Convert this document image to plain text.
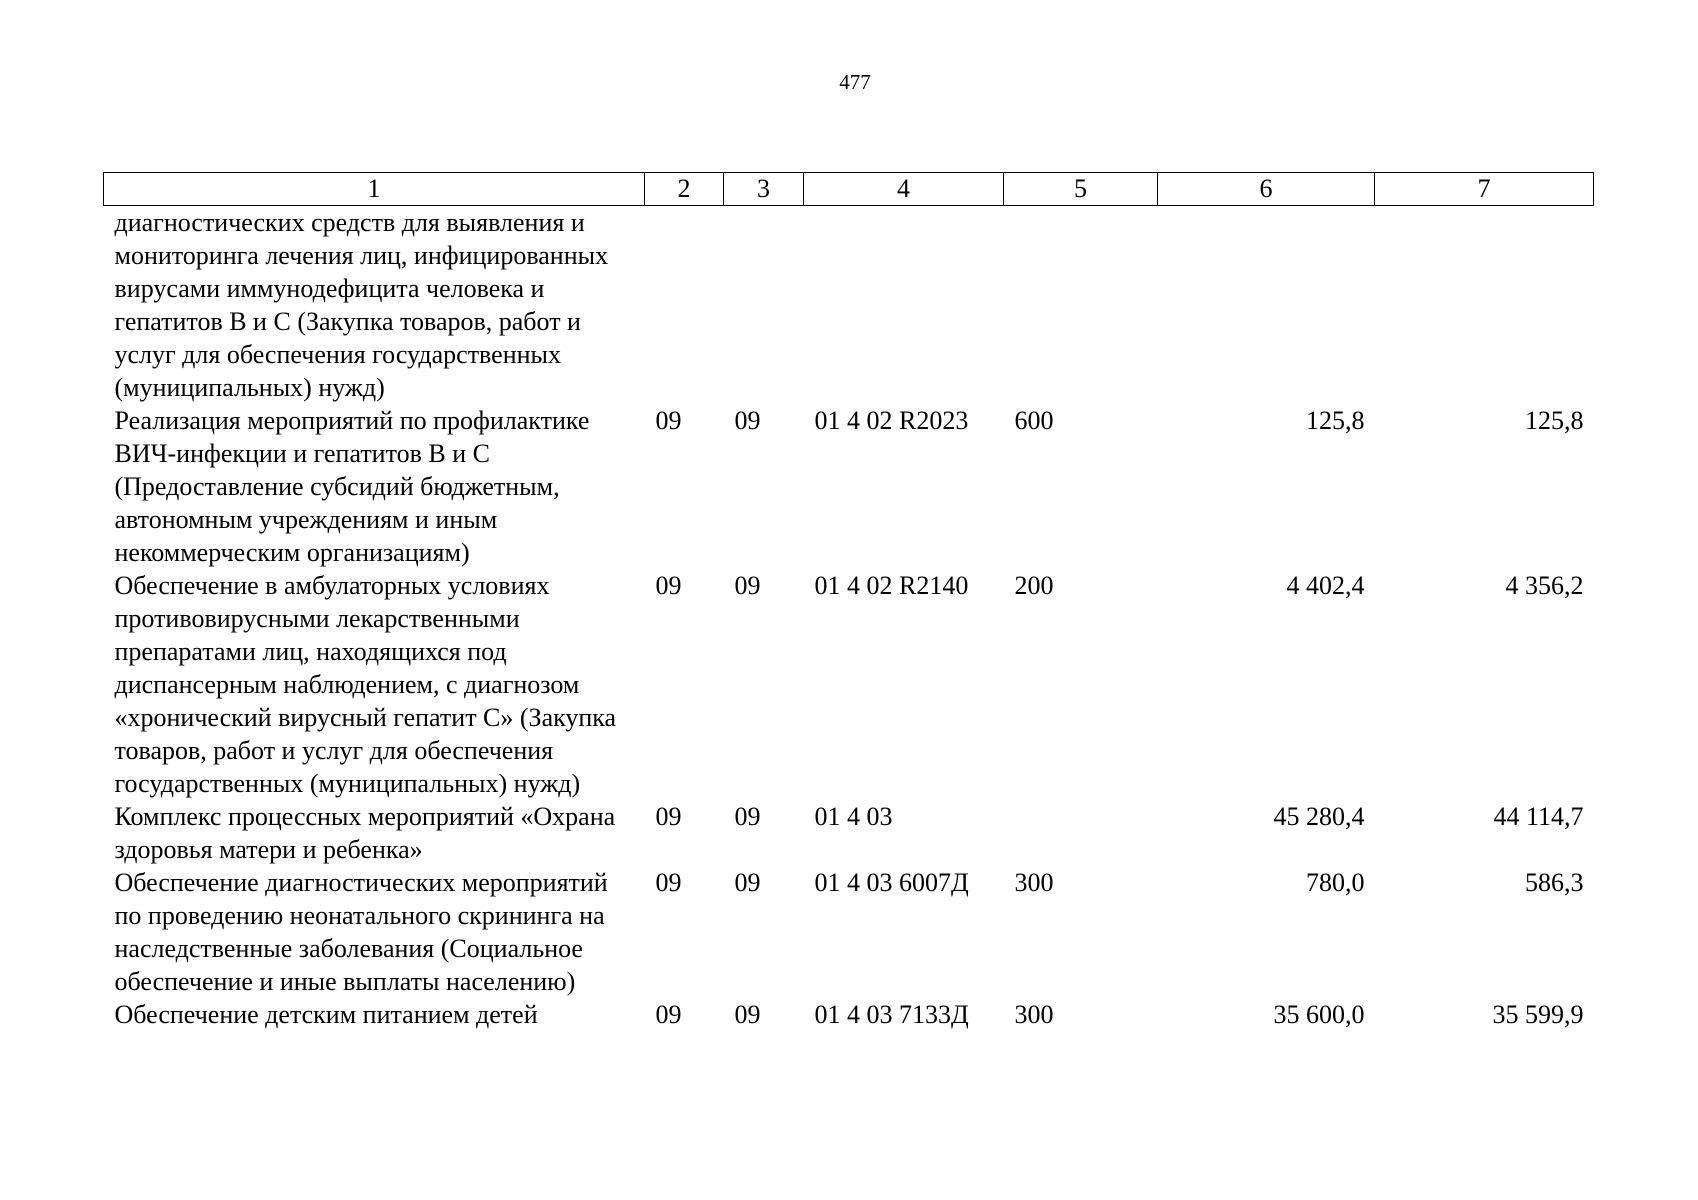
477
1	2	3	4	5	6	7
диагностических средств для выявления и мониторинга лечения лиц, инфицированных вирусами иммунодефицита человека и гепатитов В и С (Закупка товаров, работ и услуг для обеспечения государственных (муниципальных) нужд)						
Реализация мероприятий по профилактике ВИЧ-инфекции и гепатитов В и С (Предоставление субсидий бюджетным, автономным учреждениям и иным некоммерческим организациям)	09	09	01 4 02 R2023	600	125,8	125,8
Обеспечение в амбулаторных условиях противовирусными лекарственными препаратами лиц, находящихся под диспансерным наблюдением, с диагнозом «хронический вирусный гепатит С» (Закупка товаров, работ и услуг для обеспечения государственных (муниципальных) нужд)	09	09	01 4 02 R2140	200	4 402,4	4 356,2
Комплекс процессных мероприятий «Охрана здоровья матери и ребенка»	09	09	01 4 03		45 280,4	44 114,7
Обеспечение диагностических мероприятий по проведению неонатального скрининга на наследственные заболевания (Социальное обеспечение и иные выплаты населению)	09	09	01 4 03 6007Д	300	780,0	586,3
Обеспечение детским питанием детей	09	09	01 4 03 7133Д	300	35 600,0	35 599,9
